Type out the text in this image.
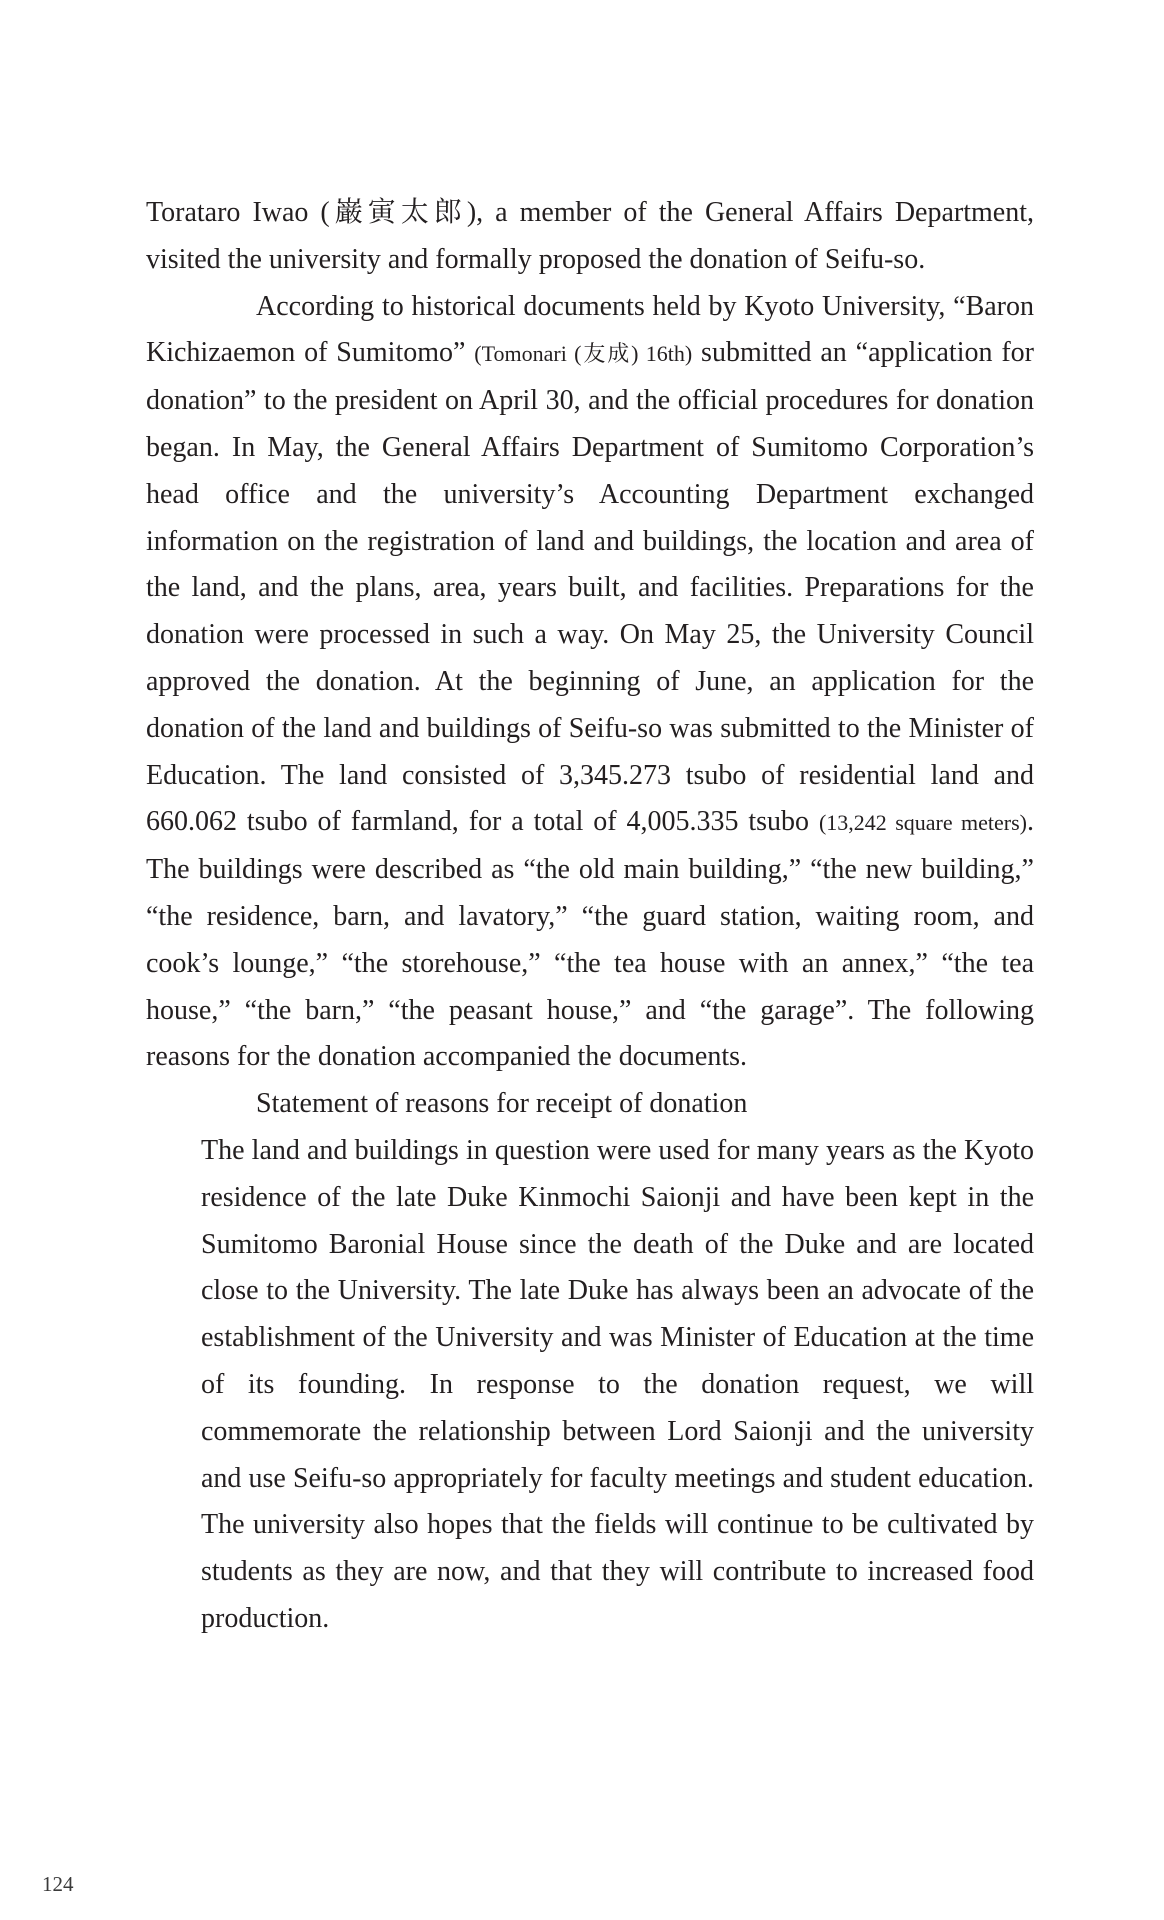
Torataro Iwao (巌寅太郎), a member of the General Affairs Department, visited the university and formally proposed the donation of Seifu-so.

According to historical documents held by Kyoto University, “Baron Kichizaemon of Sumitomo” (Tomonari (友成) 16th) submitted an “application for donation” to the president on April 30, and the official procedures for donation began. In May, the General Affairs Department of Sumitomo Corporation’s head office and the university’s Accounting Department exchanged information on the registration of land and buildings, the location and area of the land, and the plans, area, years built, and facilities. Preparations for the donation were processed in such a way. On May 25, the University Council approved the donation. At the beginning of June, an application for the donation of the land and buildings of Seifu-so was submitted to the Minister of Education. The land consisted of 3,345.273 tsubo of residential land and 660.062 tsubo of farmland, for a total of 4,005.335 tsubo (13,242 square meters). The buildings were described as “the old main building,” “the new building,” “the residence, barn, and lavatory,” “the guard station, waiting room, and cook’s lounge,” “the storehouse,” “the tea house with an annex,” “the tea house,” “the barn,” “the peasant house,” and “the garage”. The following reasons for the donation accompanied the documents.

Statement of reasons for receipt of donation

The land and buildings in question were used for many years as the Kyoto residence of the late Duke Kinmochi Saionji and have been kept in the Sumitomo Baronial House since the death of the Duke and are located close to the University. The late Duke has always been an advocate of the establishment of the University and was Minister of Education at the time of its founding. In response to the donation request, we will commemorate the relationship between Lord Saionji and the university and use Seifu-so appropriately for faculty meetings and student education. The university also hopes that the fields will continue to be cultivated by students as they are now, and that they will contribute to increased food production.

124
